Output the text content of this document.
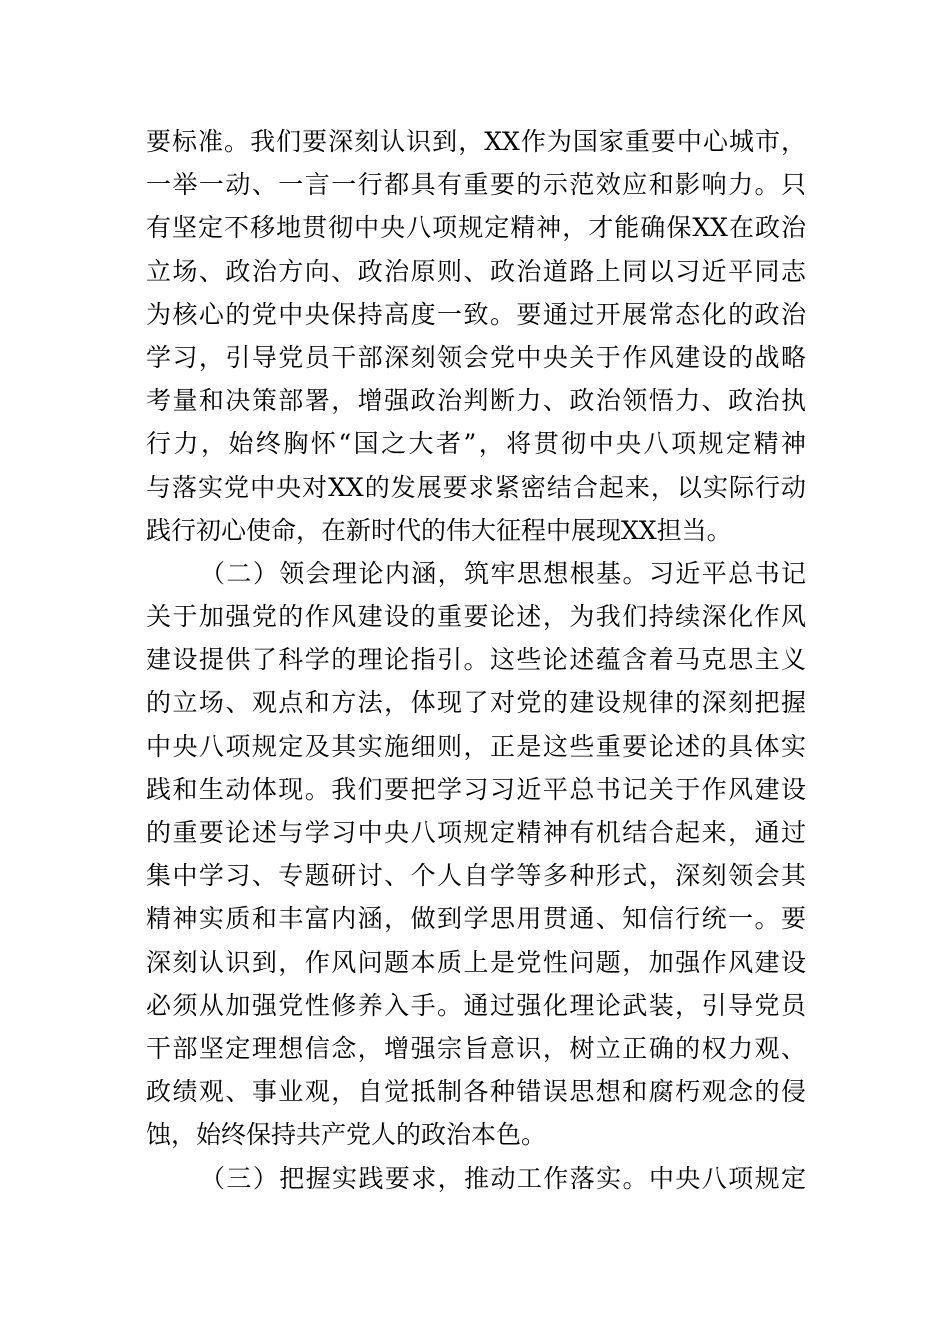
要标准。我们要深刻认识到，XX作为国家重要中心城市，
一举一动、一言一行都具有重要的示范效应和影响力。只
有坚定不移地贯彻中央八项规定精神，才能确保XX在政治
立场、政治方向、政治原则、政治道路上同以习近平同志
为核心的党中央保持高度一致。要通过开展常态化的政治
学习，引导党员干部深刻领会党中央关于作风建设的战略
考量和决策部署，增强政治判断力、政治领悟力、政治执
行力，始终胸怀“国之大者”，将贯彻中央八项规定精神
与落实党中央对XX的发展要求紧密结合起来，以实际行动
践行初心使命，在新时代的伟大征程中展现XX担当。
（二）领会理论内涵，筑牢思想根基。习近平总书记
关于加强党的作风建设的重要论述，为我们持续深化作风
建设提供了科学的理论指引。这些论述蕴含着马克思主义
的立场、观点和方法，体现了对党的建设规律的深刻把握
中央八项规定及其实施细则，正是这些重要论述的具体实
践和生动体现。我们要把学习习近平总书记关于作风建设
的重要论述与学习中央八项规定精神有机结合起来，通过
集中学习、专题研讨、个人自学等多种形式，深刻领会其
精神实质和丰富内涵，做到学思用贯通、知信行统一。要
深刻认识到，作风问题本质上是党性问题，加强作风建设
必须从加强党性修养入手。通过强化理论武装，引导党员
干部坚定理想信念，增强宗旨意识，树立正确的权力观、
政绩观、事业观，自觉抵制各种错误思想和腐朽观念的侵
蚀，始终保持共产党人的政治本色。
（三）把握实践要求，推动工作落实。中央八项规定
